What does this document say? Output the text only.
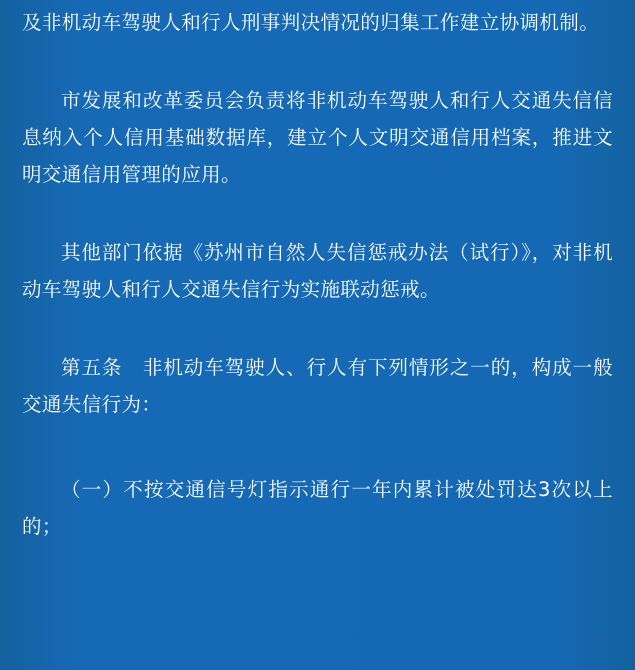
及非机动车驾驶人和行人刑事判决情况的归集工作建立协调机制。

市发展和改革委员会负责将非机动车驾驶人和行人交通失信信息纳入个人信用基础数据库，建立个人文明交通信用档案，推进文明交通信用管理的应用。

其他部门依据《苏州市自然人失信惩戒办法（试行）》，对非机动车驾驶人和行人交通失信行为实施联动惩戒。

第五条　非机动车驾驶人、行人有下列情形之一的，构成一般交通失信行为：

（一）不按交通信号灯指示通行一年内累计被处罚达3次以上的；
